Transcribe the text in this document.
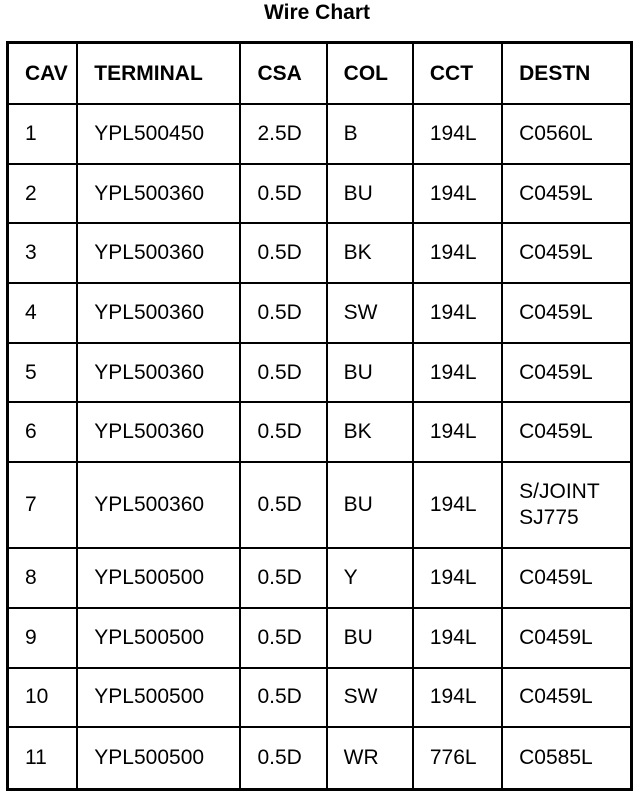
Wire Chart
CAV	TERMINAL	CSA	COL	CCT	DESTN
1	YPL500450	2.5D	B	194L	C0560L
2	YPL500360	0.5D	BU	194L	C0459L
3	YPL500360	0.5D	BK	194L	C0459L
4	YPL500360	0.5D	SW	194L	C0459L
5	YPL500360	0.5D	BU	194L	C0459L
6	YPL500360	0.5D	BK	194L	C0459L
7	YPL500360	0.5D	BU	194L	S/JOINT
SJ775

8	YPL500500	0.5D	Y	194L	C0459L
9	YPL500500	0.5D	BU	194L	C0459L
10	YPL500500	0.5D	SW	194L	C0459L
11	YPL500500	0.5D	WR	776L	C0585L
